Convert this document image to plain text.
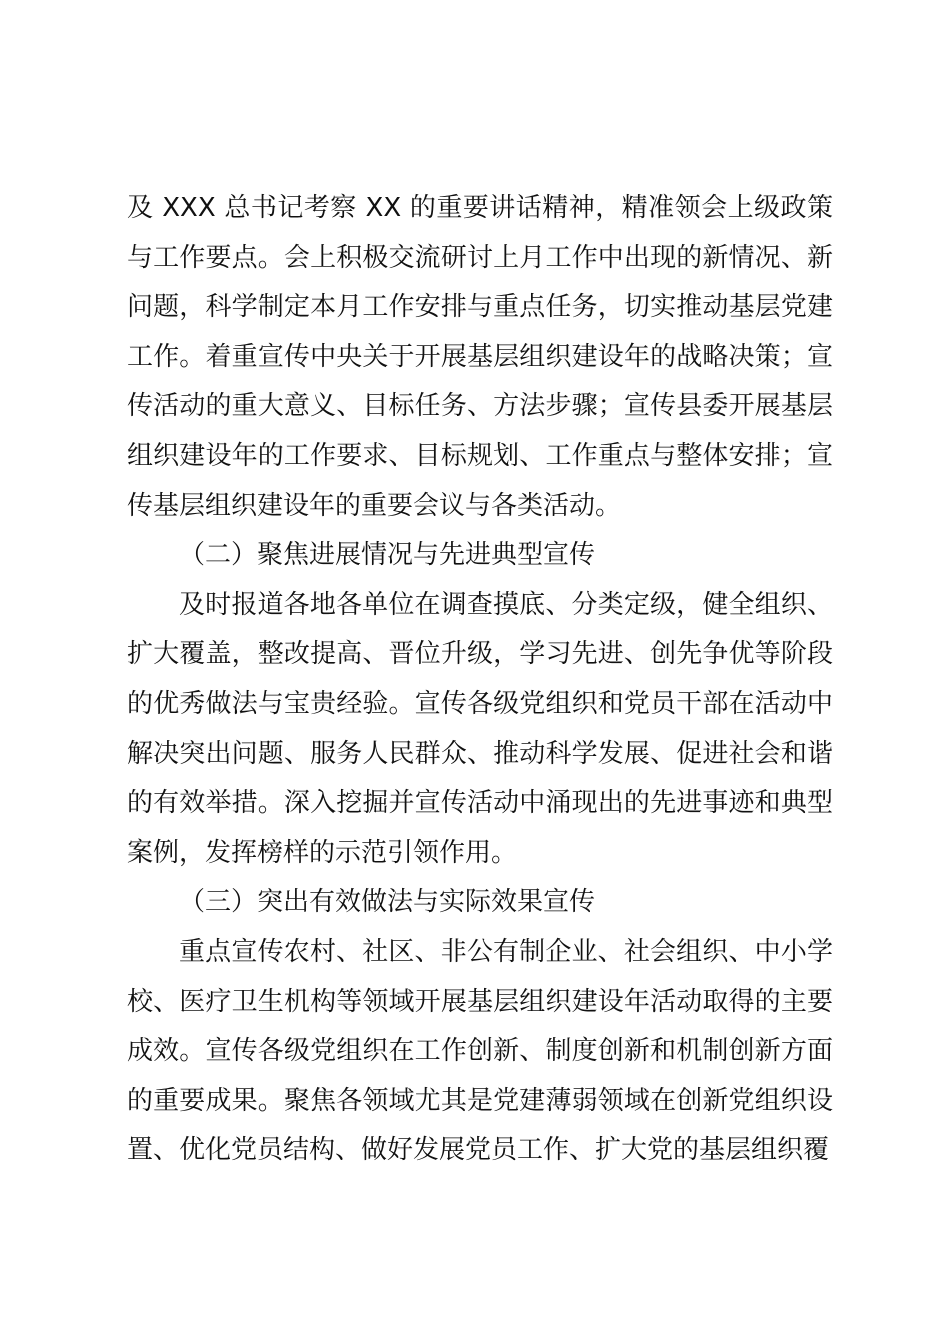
及 XXX 总书记考察 XX 的重要讲话精神，精准领会上级政策与工作要点。会上积极交流研讨上月工作中出现的新情况、新问题，科学制定本月工作安排与重点任务，切实推动基层党建工作。着重宣传中央关于开展基层组织建设年的战略决策；宣传活动的重大意义、目标任务、方法步骤；宣传县委开展基层组织建设年的工作要求、目标规划、工作重点与整体安排；宣传基层组织建设年的重要会议与各类活动。

（二）聚焦进展情况与先进典型宣传

及时报道各地各单位在调查摸底、分类定级，健全组织、扩大覆盖，整改提高、晋位升级，学习先进、创先争优等阶段的优秀做法与宝贵经验。宣传各级党组织和党员干部在活动中解决突出问题、服务人民群众、推动科学发展、促进社会和谐的有效举措。深入挖掘并宣传活动中涌现出的先进事迹和典型案例，发挥榜样的示范引领作用。

（三）突出有效做法与实际效果宣传

重点宣传农村、社区、非公有制企业、社会组织、中小学校、医疗卫生机构等领域开展基层组织建设年活动取得的主要成效。宣传各级党组织在工作创新、制度创新和机制创新方面的重要成果。聚焦各领域尤其是党建薄弱领域在创新党组织设置、优化党员结构、做好发展党员工作、扩大党的基层组织覆
